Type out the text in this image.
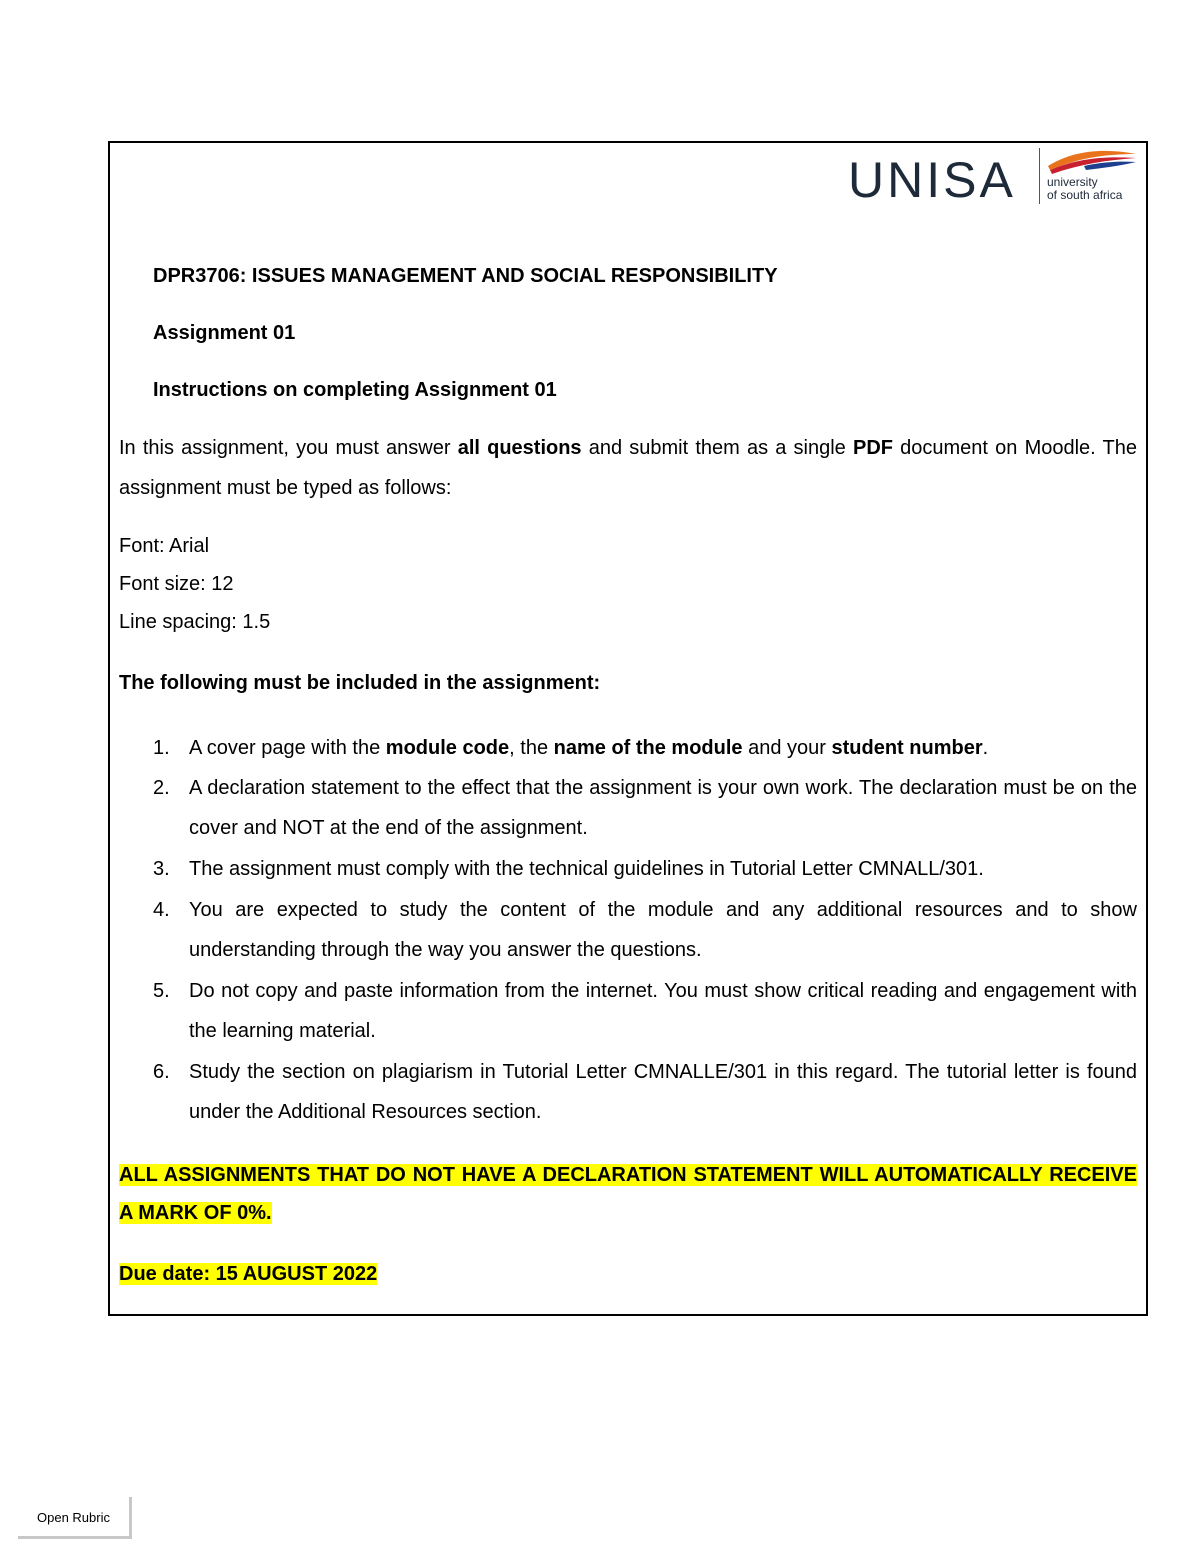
UNISA	university
of south africa
DPR3706: ISSUES MANAGEMENT AND SOCIAL RESPONSIBILITY
Assignment 01
Instructions on completing Assignment 01
In this assignment, you must answer all questions and submit them as a single PDF document on Moodle. The assignment must be typed as follows:
Font: Arial
Font size: 12
Line spacing: 1.5
The following must be included in the assignment:
1. A cover page with the module code, the name of the module and your student number.
2. A declaration statement to the effect that the assignment is your own work. The declaration must be on the cover and NOT at the end of the assignment.
3. The assignment must comply with the technical guidelines in Tutorial Letter CMNALL/301.
4. You are expected to study the content of the module and any additional resources and to show understanding through the way you answer the questions.
5. Do not copy and paste information from the internet. You must show critical reading and engagement with the learning material.
6. Study the section on plagiarism in Tutorial Letter CMNALLE/301 in this regard. The tutorial letter is found under the Additional Resources section.
ALL ASSIGNMENTS THAT DO NOT HAVE A DECLARATION STATEMENT WILL AUTOMATICALLY RECEIVE A MARK OF 0%.
Due date: 15 AUGUST 2022
Open Rubric
